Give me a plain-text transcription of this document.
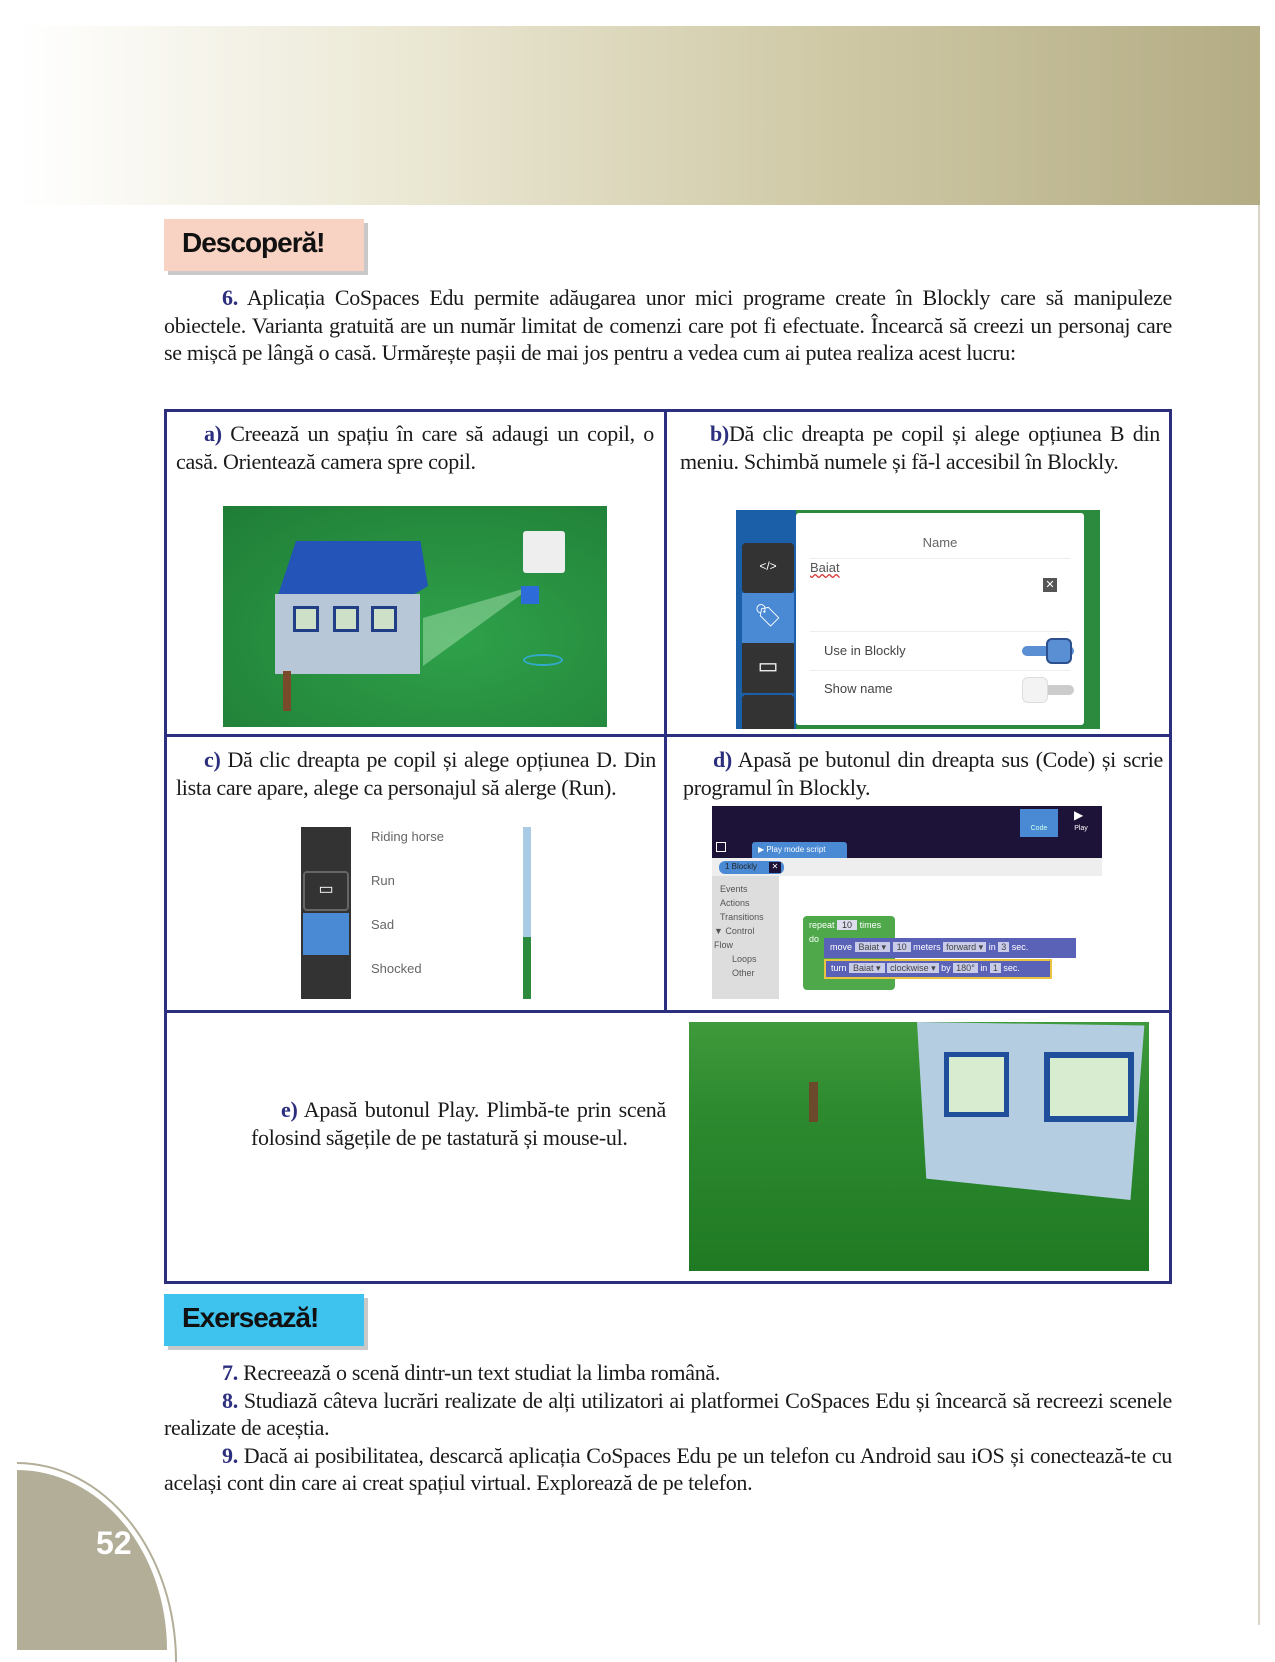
Descoperă!

6. Aplicația CoSpaces Edu permite adăugarea unor mici programe create în Blockly care să manipuleze obiectele. Varianta gratuită are un număr limitat de comenzi care pot fi efectuate. Încearcă să creezi un personaj care se mișcă pe lângă o casă. Urmărește pașii de mai jos pentru a vedea cum ai putea realiza acest lucru:

a) Creează un spațiu în care să adaugi un copil, o casă. Orientează camera spre copil.

b)Dă clic dreapta pe copil și alege opțiunea B din meniu. Schimbă numele și fă-l accesibil în Blockly.

</>
🏷
▭
Name
Baiat
✕
Use in Blockly
Show name

c) Dă clic dreapta pe copil și alege opțiunea D. Din lista care apare, alege ca personajul să alerge (Run).

▭
Riding horse
Run
Sad
Shocked

d) Apasă pe butonul din dreapta sus (Code) și scrie programul în Blockly.

Code	Play
▶
▶ Play mode script
1 Blockly	✕
Events
Actions
Transitions
▼ Control Flow
Loops
Other
repeat 10 times
do
move Baiat ▾ 10 meters forward ▾ in 3 sec.
turn Baiat ▾ clockwise ▾ by 180° in 1 sec.

e) Apasă butonul Play. Plimbă-te prin scenă folosind săgețile de pe tastatură și mouse-ul.

Exersează!

7. Recreează o scenă dintr-un text studiat la limba română.

8. Studiază câteva lucrări realizate de alți utilizatori ai platformei CoSpaces Edu și încearcă să recreezi scenele realizate de aceștia.

9. Dacă ai posibilitatea, descarcă aplicația CoSpaces Edu pe un telefon cu Android sau iOS și conectează-te cu același cont din care ai creat spațiul virtual. Explorează de pe telefon.

52
